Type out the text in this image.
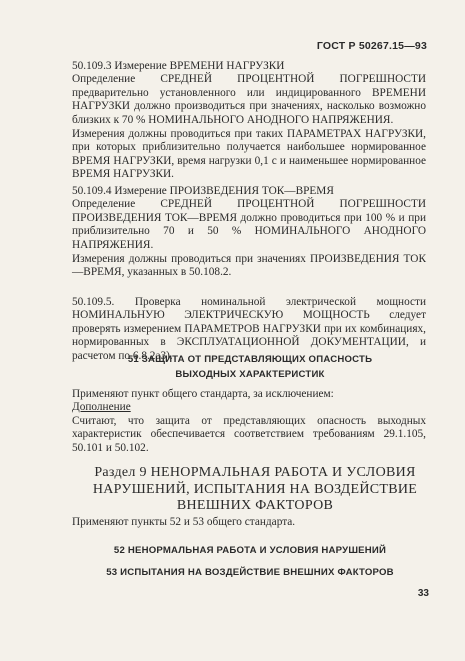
ГОСТ Р 50267.15—93

50.109.3 Измерение ВРЕМЕНИ НАГРУЗКИ

Определение СРЕДНЕЙ ПРОЦЕНТНОЙ ПОГРЕШНОСТИ предварительно установленного или индицированного ВРЕМЕНИ НАГРУЗКИ должно производиться при значениях, насколько возможно близких к 70 % НОМИНАЛЬНОГО АНОДНОГО НАПРЯЖЕНИЯ.

Измерения должны проводиться при таких ПАРАМЕТРАХ НАГРУЗКИ, при которых приблизительно получается наибольшее нормированное ВРЕМЯ НАГРУЗКИ, время нагрузки 0,1 с и наименьшее нормированное ВРЕМЯ НАГРУЗКИ.

50.109.4 Измерение ПРОИЗВЕДЕНИЯ ТОК—ВРЕМЯ

Определение СРЕДНЕЙ ПРОЦЕНТНОЙ ПОГРЕШНОСТИ ПРОИЗВЕДЕНИЯ ТОК—ВРЕМЯ должно проводиться при 100 % и при приблизительно 70 и 50 % НОМИНАЛЬНОГО АНОДНОГО НАПРЯЖЕНИЯ.

Измерения должны проводиться при значениях ПРОИЗВЕДЕНИЯ ТОК—ВРЕМЯ, указанных в 50.108.2.

50.109.5. Проверка номинальной электрической мощности НОМИНАЛЬНУЮ ЭЛЕКТРИЧЕСКУЮ МОЩНОСТЬ следует проверять измерением ПАРАМЕТРОВ НАГРУЗКИ при их комбинациях, нормированных в ЭКСПЛУАТАЦИОННОЙ ДОКУМЕНТАЦИИ, и расчетом по 6.8.2а3).

51 ЗАЩИТА ОТ ПРЕДСТАВЛЯЮЩИХ ОПАСНОСТЬ
ВЫХОДНЫХ ХАРАКТЕРИСТИК

Применяют пункт общего стандарта, за исключением:

Дополнение

Считают, что защита от представляющих опасность выходных характеристик обеспечивается соответствием требованиям 29.1.105, 50.101 и 50.102.

Раздел 9 НЕНОРМАЛЬНАЯ РАБОТА И УСЛОВИЯ
НАРУШЕНИЙ, ИСПЫТАНИЯ НА ВОЗДЕЙСТВИЕ
ВНЕШНИХ ФАКТОРОВ

Применяют пункты 52 и 53 общего стандарта.

52 НЕНОРМАЛЬНАЯ РАБОТА И УСЛОВИЯ НАРУШЕНИЙ
53 ИСПЫТАНИЯ НА ВОЗДЕЙСТВИЕ ВНЕШНИХ ФАКТОРОВ
33
